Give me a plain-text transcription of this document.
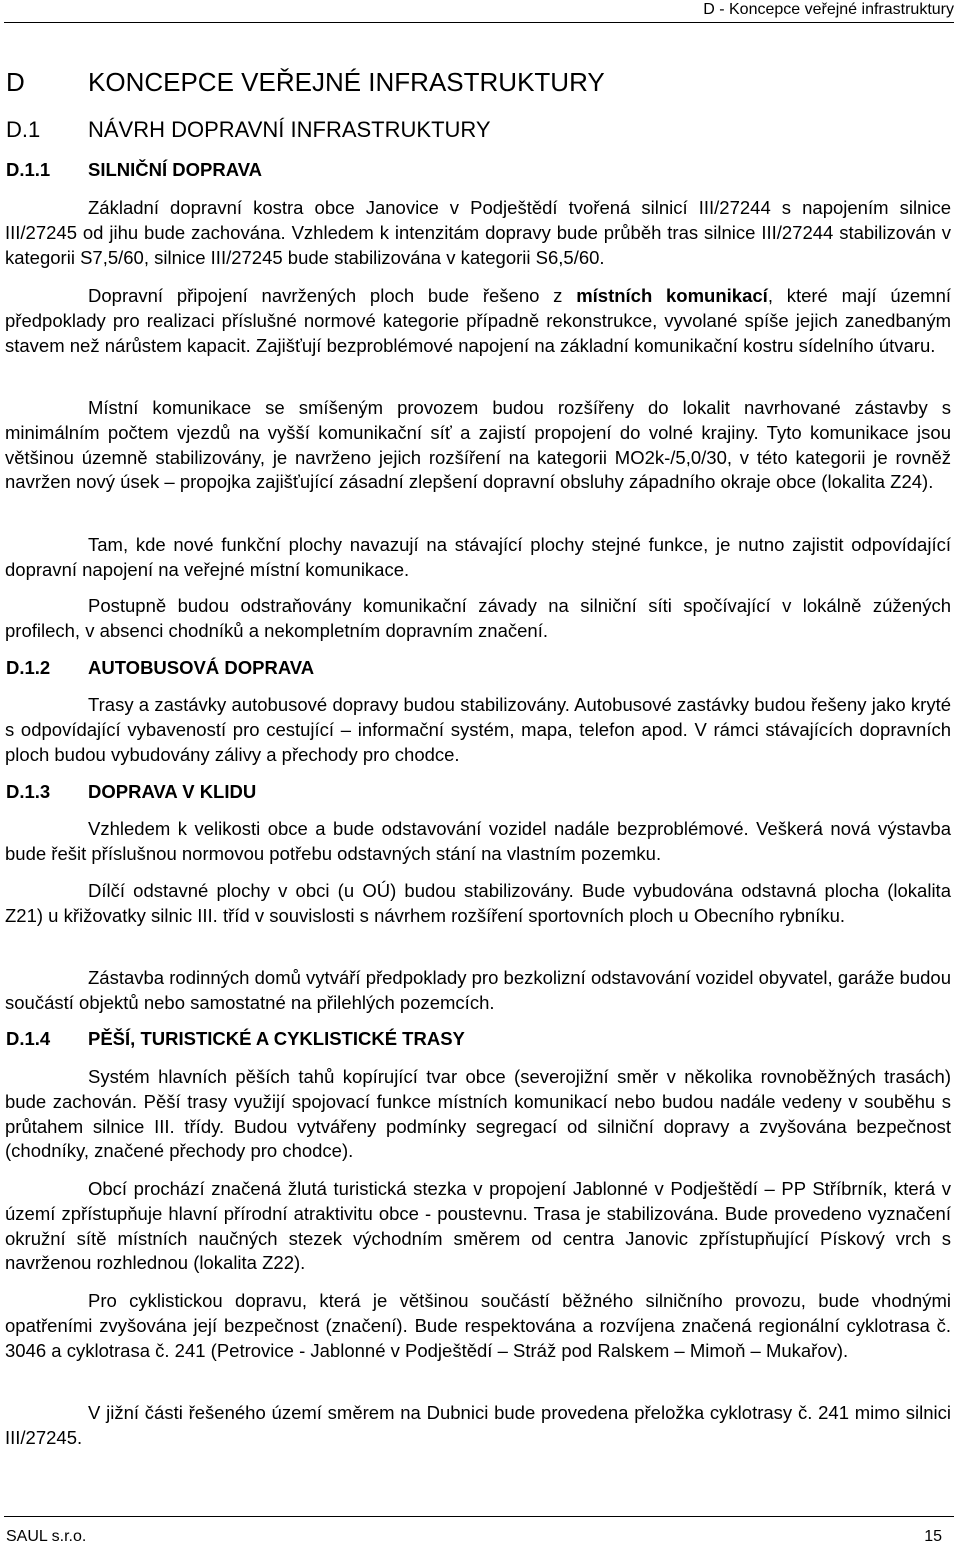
D - Koncepce veřejné infrastruktury
D KONCEPCE VEŘEJNÉ INFRASTRUKTURY
D.1 NÁVRH DOPRAVNÍ INFRASTRUKTURY
D.1.1 SILNIČNÍ DOPRAVA

Základní dopravní kostra obce Janovice v Podještědí tvořená silnicí III/27244 s napojením silnice III/27245 od jihu bude zachována. Vzhledem k intenzitám dopravy bude průběh tras silnice III/27244 stabilizován v kategorii S7,5/60, silnice III/27245 bude stabilizována v kategorii S6,5/60.

Dopravní připojení navržených ploch bude řešeno z místních komunikací, které mají územní předpoklady pro realizaci příslušné normové kategorie případně rekonstrukce, vyvolané spíše jejich zanedbaným stavem než nárůstem kapacit. Zajišťují bezproblémové napojení na základní komunikační kostru sídelního útvaru.

Místní komunikace se smíšeným provozem budou rozšířeny do lokalit navrhované zástavby s minimálním počtem vjezdů na vyšší komunikační síť a zajistí propojení do volné krajiny. Tyto komunikace jsou většinou územně stabilizovány, je navrženo jejich rozšíření na kategorii MO2k-/5,0/30, v této kategorii je rovněž navržen nový úsek – propojka zajišťující zásadní zlepšení dopravní obsluhy západního okraje obce (lokalita Z24).

Tam, kde nové funkční plochy navazují na stávající plochy stejné funkce, je nutno zajistit odpovídající dopravní napojení na veřejné místní komunikace.

Postupně budou odstraňovány komunikační závady na silniční síti spočívající v lokálně zúžených profilech, v absenci chodníků a nekompletním dopravním značení.

D.1.2 AUTOBUSOVÁ DOPRAVA

Trasy a zastávky autobusové dopravy budou stabilizovány. Autobusové zastávky budou řešeny jako kryté s odpovídající vybaveností pro cestující – informační systém, mapa, telefon apod. V rámci stávajících dopravních ploch budou vybudovány zálivy a přechody pro chodce.

D.1.3 DOPRAVA V KLIDU

Vzhledem k velikosti obce a bude odstavování vozidel nadále bezproblémové. Veškerá nová výstavba bude řešit příslušnou normovou potřebu odstavných stání na vlastním pozemku.

Dílčí odstavné plochy v obci (u OÚ) budou stabilizovány. Bude vybudována odstavná plocha (lokalita Z21) u křižovatky silnic III. tříd v souvislosti s návrhem rozšíření sportovních ploch u Obecního rybníku.

Zástavba rodinných domů vytváří předpoklady pro bezkolizní odstavování vozidel obyvatel, garáže budou součástí objektů nebo samostatné na přilehlých pozemcích.

D.1.4 PĚŠÍ, TURISTICKÉ A CYKLISTICKÉ TRASY

Systém hlavních pěších tahů kopírující tvar obce (severojižní směr v několika rovnoběžných trasách) bude zachován. Pěší trasy využijí spojovací funkce místních komunikací nebo budou nadále vedeny v souběhu s průtahem silnice III. třídy. Budou vytvářeny podmínky segregací od silniční dopravy a zvyšována bezpečnost (chodníky, značené přechody pro chodce).

Obcí prochází značená žlutá turistická stezka v propojení Jablonné v Podještědí – PP Stříbrník, která v území zpřístupňuje hlavní přírodní atraktivitu obce - poustevnu. Trasa je stabilizována. Bude provedeno vyznačení okružní sítě místních naučných stezek východním směrem od centra Janovic zpřístupňující Pískový vrch s navrženou rozhlednou (lokalita Z22).

Pro cyklistickou dopravu, která je většinou součástí běžného silničního provozu, bude vhodnými opatřeními zvyšována její bezpečnost (značení). Bude respektována a rozvíjena značená regionální cyklotrasa č. 3046 a cyklotrasa č. 241 (Petrovice - Jablonné v Podještědí – Stráž pod Ralskem – Mimoň – Mukařov).

V jižní části řešeného území směrem na Dubnici bude provedena přeložka cyklotrasy č. 241 mimo silnici III/27245.

SAUL s.r.o.	15
